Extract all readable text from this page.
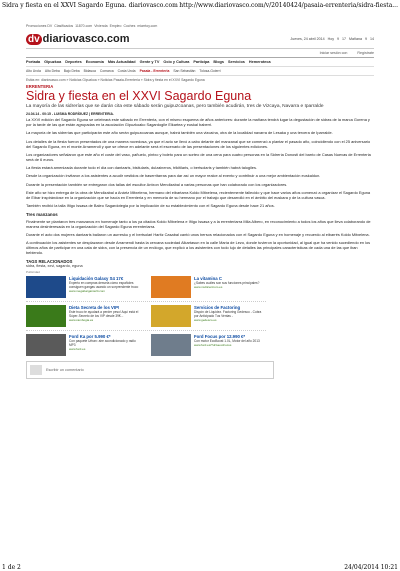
Sidra y fiesta en el XXVI Sagardo Eguna. diariovasco.com http://www.diariovasco.com/v/20140424/pasaia-errenteria/sidra-fiesta...
Promociones DV Clasificados 11870.com Vivienda Empleo Coches miarrtoy.com
dv diariovasco.com	Jueves, 24 abril 2014 Hoy 9 17 Mañana 9 14
Iniciar sesión con	Regístrate
Portada Gipuzkoa Deportes Economía Más Actualidad Gente y TV Ocio y Cultura Participa Blogs Servicios Hemeroteca
Alto Urola Alto Deba Bajo Deba Bidasoa Comarca Costa Urola Pasaia - Errenteria San Sebastián Tolosa-Goierri
Estás en: diariovasco.com » Noticias Gipuzkoa » Noticias Pasaia-Errenteria » Sidra y fiesta en el XXVI Sagardo Eguna
ERRENTERIA
Sidra y fiesta en el XXVI Sagardo Eguna
La mayoría de las sidrerías que se darán cita este sábado serán guipuzcoanas, pero también acudirán, tres de Vizcaya, Navarra e Iparralde
24.04.14 - 00:15 - LUISMA RODRÍGUEZ | ERRENTERIA.

La XXVI edición del Sagardo Eguna se celebrará este sábado en Errenteria, con el mismo esquema de años anteriores: durante la mañana tendrá lugar la degustación de sidras de la marca Gorena y por la tarde de las que están agrupadas en la asociación Gipuzkoako Sagardogile Elkartea y euskal baberri.

La mayoría de las sidrerías que participarán este año serán guipuzcoanas aunque, habrá también una vizcaína, otra de la localidad navarra de Lesaka y una tercera de Iparralde.

Los detalles de la fiesta fueron presentados de una manera novedosa, ya que el acto se llevó a cabo delante del manzanal que se comenzó a plantar el pasado año, coincidiendo con el 25 aniversario del Sagardo Eguna, en el monte Arramendi y que se ofrece en adelante será el escenario de las presentaciones de los siguientes ediciones.

Los organizadores señalaron que este año el coste del vaso, pañuelo, pintxo y boleto para un sorteo de una cena para cuatro personas en la Sidrería Donosti del barrio de Casas Nuevas de Errenteria será de 6 euros.

La fiesta estará amenizada durante todo el día con dantzaris, bisitularis, dulzaineros, trikitilaris, o bertsolaris y también habrá talogiles.

Desde la organización invitaron a los asistentes a acudir vestidos de baserritarras para dar así un mayor realce al evento y contribuir a una mejor ambientación euskaldun.

Durante la presentación también se entregaron dos tallas del escultor Antxon Mendizabal a varias personas que han colaborado con los organizadores.

Este año se hizo entrega de la obra de Mendizabal a Anártz Mitxelena, hermano del eibartarra Koldo Mitxelena, recientemente fallecido y que hace varios años comenzó a organizar el Sagardo Eguna de Eibar inspirándose en la organización que se hacía en Errenteria y en memoria de su hermano por el trabajo que desarrolló en el ámbito del euskara y de la cultura vasca.

También recibió la talla Iñigo Issasa de Baleo Sagardotegia por la implicación de su establecimiento con el Sagardo Eguna desde hace 21 años.

Tres manzanos

Finalmente se plantaron tres manzanos en homenaje tanto a los ya citados Koldo Mitxelena e Iñigo Issasa y a la errenteriarra Mila Albero, en reconocimiento a todos los años que lleva colaborando de manera desinteresada en la organización del Sagardo Eguna errenteriarra.

Durante el acto dos mujeres dantzaris bailaron un aurresku y el bertsolari Haritz Casabal cantó unos bersos relacionados con el Sagardo Eguna y en homenaje y recuerdo al eibarrés Koldo Mitxelena.

A continuación los asistentes se desplazaron desde Arramendi hasta la cercana sociedad Alkartasun en la calle María de Lezo, donde tuvieron la oportunidad, al igual que ha venido sucediendo en los últimos años de participar en una cata de sidra, con la presencia de un enólogo, que explicó a los asistentes con todo lujo de detalles las principales características de cada una de las que iban bebiendo.

TAGS RELACIONADOS
sidra, fiesta, xxvi, sagardo, eguna
Publicidad
Liquidación Galaxy S4 17€
Experto en compras desvela cómo españoles consiguen gangas usando un sorprendente truco
www.megabargains24.com
La vitamina C
¿Sabes cuáles son sus funciones principales?
www.multicentrum.es
Dieta Secreta de los VIP!
Este truco te ayudará a perder peso! Aquí está el Súper-Secreto de los VIP desde 39€...
www.cambogia.es
Servicios de Factoring
Dispón de Liquidez. Factoring Gedesco - Cobra por Anticipado Tus Ventas -
www.gedesco.es
Ford Ka por 5.990 €*
Con paquete Urban: aire acondicionado y radio MP3
www.ford.es
Ford Focus por 12.990 €*
Con motor EcoBoost 1.0L, Motor del año 2013
www.ford.es/TuNuevoFocus
Escribir un comentario
1 de 2	24/04/2014 10:21
